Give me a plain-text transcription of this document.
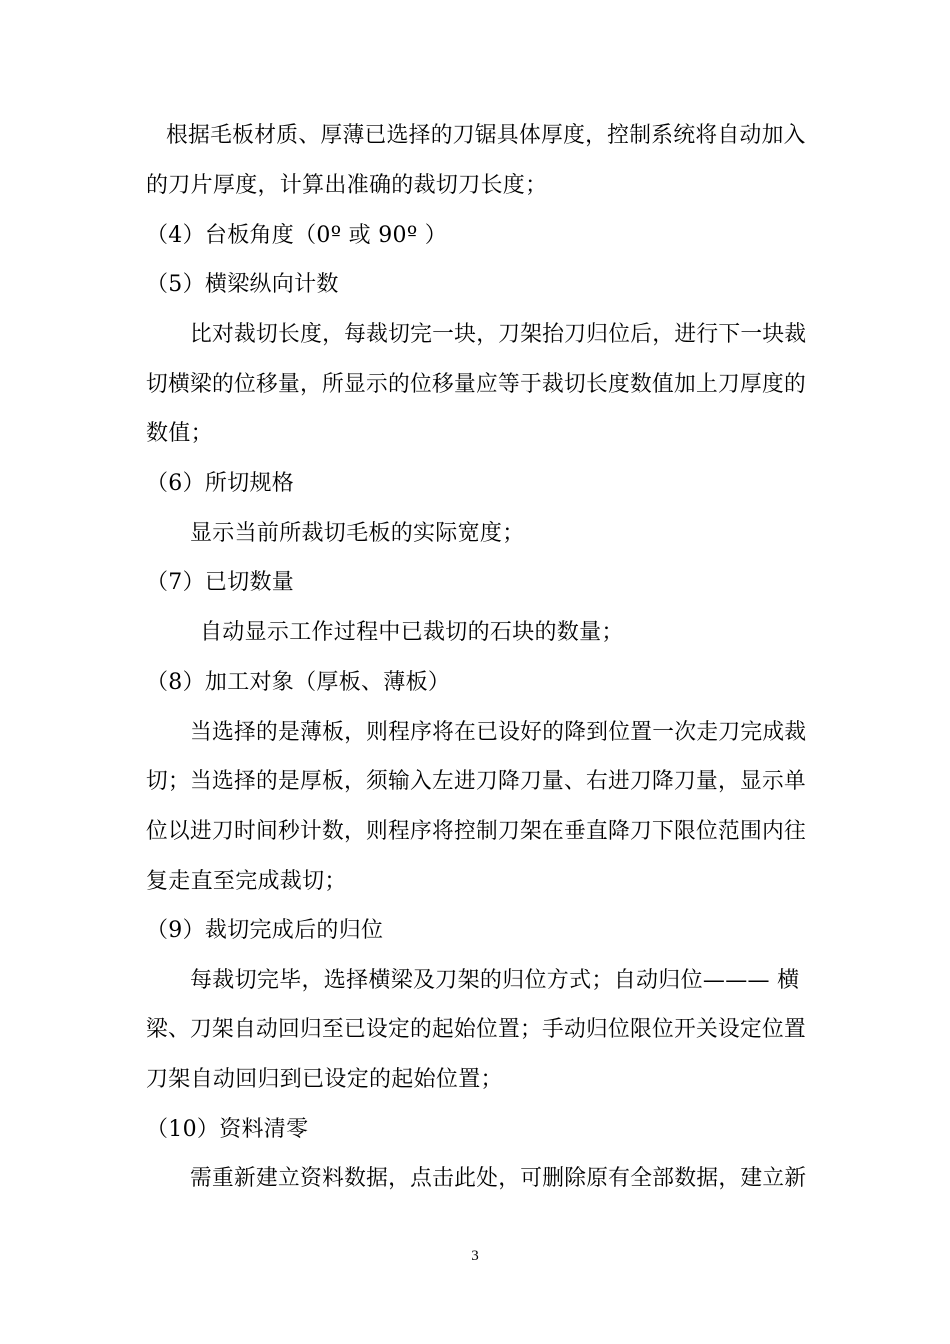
根据毛板材质、厚薄已选择的刀锯具体厚度，控制系统将自动加入
的刀片厚度，计算出准确的裁切刀长度；
（4）台板角度（0º 或 90º ）
（5）横梁纵向计数
比对裁切长度，每裁切完一块，刀架抬刀归位后，进行下一块裁
切横梁的位移量，所显示的位移量应等于裁切长度数值加上刀厚度的
数值；
（6）所切规格
显示当前所裁切毛板的实际宽度；
（7）已切数量
自动显示工作过程中已裁切的石块的数量；
（8）加工对象（厚板、薄板）
当选择的是薄板，则程序将在已设好的降到位置一次走刀完成裁
切；当选择的是厚板，须输入左进刀降刀量、右进刀降刀量，显示单
位以进刀时间秒计数，则程序将控制刀架在垂直降刀下限位范围内往
复走直至完成裁切；
（9）裁切完成后的归位
每裁切完毕，选择横梁及刀架的归位方式；自动归位——— 横
梁、刀架自动回归至已设定的起始位置；手动归位限位开关设定位置
刀架自动回归到已设定的起始位置；
（10）资料清零
需重新建立资料数据，点击此处，可删除原有全部数据，建立新
3
